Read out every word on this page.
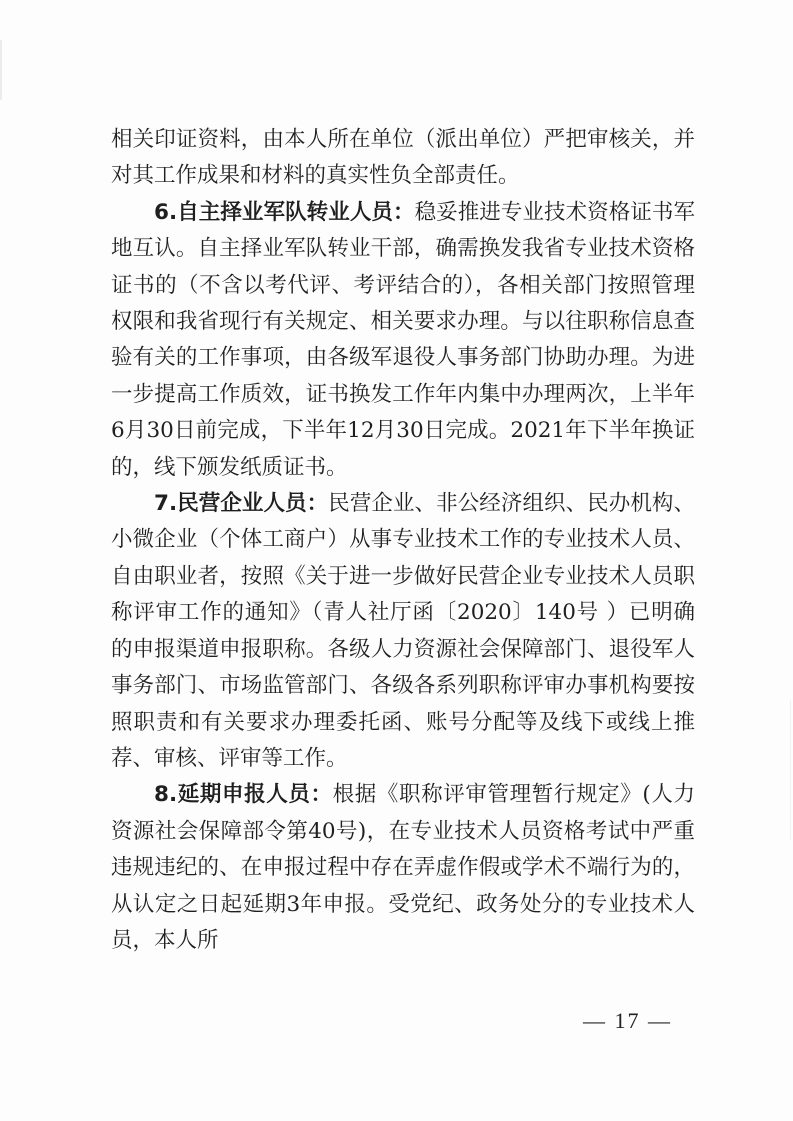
相关印证资料，由本人所在单位（派出单位）严把审核关，并对其工作成果和材料的真实性负全部责任。

6.自主择业军队转业人员：稳妥推进专业技术资格证书军地互认。自主择业军队转业干部，确需换发我省专业技术资格证书的（不含以考代评、考评结合的），各相关部门按照管理权限和我省现行有关规定、相关要求办理。与以往职称信息查验有关的工作事项，由各级军退役人事务部门协助办理。为进一步提高工作质效，证书换发工作年内集中办理两次，上半年6月30日前完成，下半年12月30日完成。2021年下半年换证的，线下颁发纸质证书。

7.民营企业人员：民营企业、非公经济组织、民办机构、小微企业（个体工商户）从事专业技术工作的专业技术人员、自由职业者，按照《关于进一步做好民营企业专业技术人员职称评审工作的通知》（青人社厅函〔2020〕140号 ）已明确的申报渠道申报职称。各级人力资源社会保障部门、退役军人事务部门、市场监管部门、各级各系列职称评审办事机构要按照职责和有关要求办理委托函、账号分配等及线下或线上推荐、审核、评审等工作。

8.延期申报人员：根据《职称评审管理暂行规定》(人力资源社会保障部令第40号)，在专业技术人员资格考试中严重违规违纪的、在申报过程中存在弄虚作假或学术不端行为的，从认定之日起延期3年申报。受党纪、政务处分的专业技术人员，本人所

— 17 —
